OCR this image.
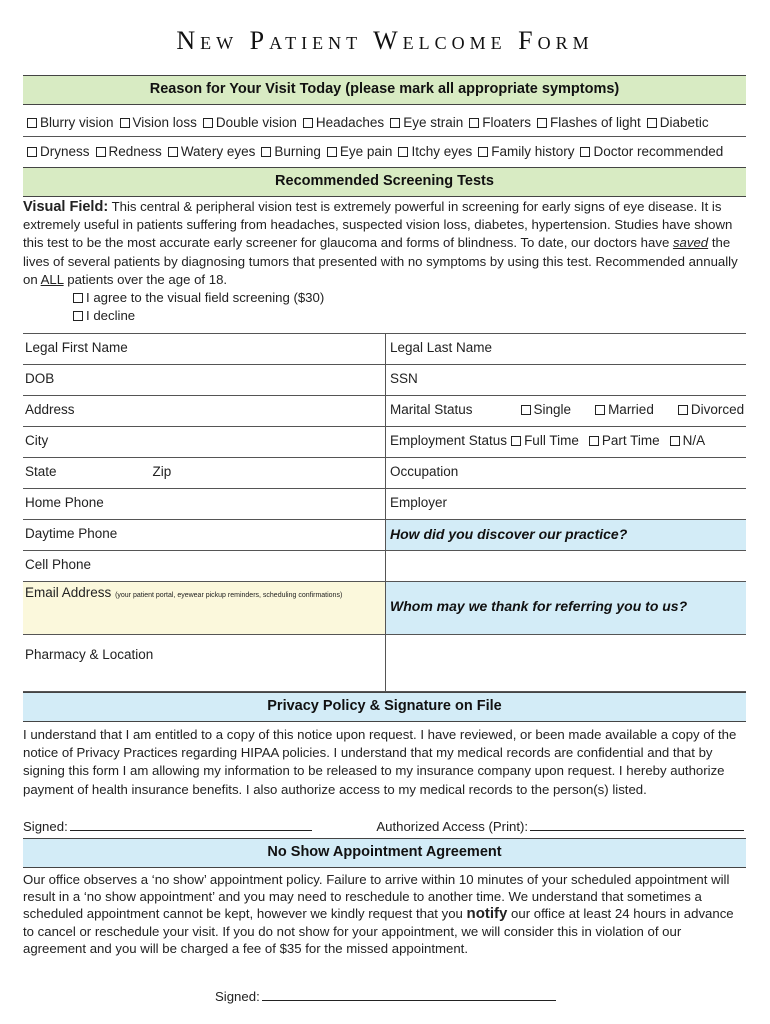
New Patient Welcome Form
Reason for Your Visit Today (please mark all appropriate symptoms)
Blurry vision Vision loss Double vision Headaches Eye strain Floaters Flashes of light Diabetic
Dryness Redness Watery eyes Burning Eye pain Itchy eyes Family history Doctor recommended
Recommended Screening Tests
Visual Field: This central & peripheral vision test is extremely powerful in screening for early signs of eye disease. It is extremely useful in patients suffering from headaches, suspected vision loss, diabetes, hypertension. Studies have shown this test to be the most accurate early screener for glaucoma and forms of blindness. To date, our doctors have saved the lives of several patients by diagnosing tumors that presented with no symptoms by using this test. Recommended annually on ALL patients over the age of 18.
I agree to the visual field screening ($30)
I decline
Legal First Name	Legal Last Name
DOB	SSN
Address	Marital Status	Single	Married	Divorced
City	Employment Status Full Time Part Time N/A
State	Zip	Occupation
Home Phone	Employer
Daytime Phone	How did you discover our practice?
Cell Phone
Email Address (your patient portal, eyewear pickup reminders, scheduling confirmations)
Whom may we thank for referring you to us?
Pharmacy & Location
Privacy Policy & Signature on File
I understand that I am entitled to a copy of this notice upon request. I have reviewed, or been made available a copy of the notice of Privacy Practices regarding HIPAA policies. I understand that my medical records are confidential and that by signing this form I am allowing my information to be released to my insurance company upon request. I hereby authorize payment of health insurance benefits. I also authorize access to my medical records to the person(s) listed.
Signed:	Authorized Access (Print):
No Show Appointment Agreement
Our office observes a ‘no show’ appointment policy. Failure to arrive within 10 minutes of your scheduled appointment will result in a ‘no show appointment’ and you may need to reschedule to another time. We understand that sometimes a scheduled appointment cannot be kept, however we kindly request that you notify our office at least 24 hours in advance to cancel or reschedule your visit. If you do not show for your appointment, we will consider this in violation of our agreement and you will be charged a fee of $35 for the missed appointment.
Signed:
